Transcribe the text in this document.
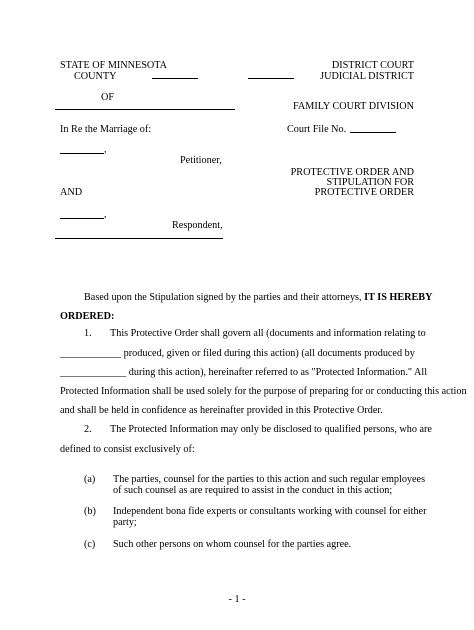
STATE OF MINNESOTA
COUNTY
DISTRICT COURT
JUDICIAL DISTRICT
OF
FAMILY COURT DIVISION
In Re the Marriage of:	Court File No.
,
Petitioner,
PROTECTIVE ORDER AND
STIPULATION FOR
PROTECTIVE ORDER
AND
,
Respondent,
Based upon the Stipulation signed by the parties and their attorneys, IT IS HEREBY
ORDERED:
1. This Protective Order shall govern all (documents and information relating to
____________ produced, given or filed during this action) (all documents produced by
_____________ during this action), hereinafter referred to as "Protected Information." All
Protected Information shall be used solely for the purpose of preparing for or conducting this action
and shall be held in confidence as hereinafter provided in this Protective Order.
2. The Protected Information may only be disclosed to qualified persons, who are
defined to consist exclusively of:
(a) The parties, counsel for the parties to this action and such regular employees
of such counsel as are required to assist in the conduct in this action;
(b) Independent bona fide experts or consultants working with counsel for either
party;
(c) Such other persons on whom counsel for the parties agree.
- 1 -
